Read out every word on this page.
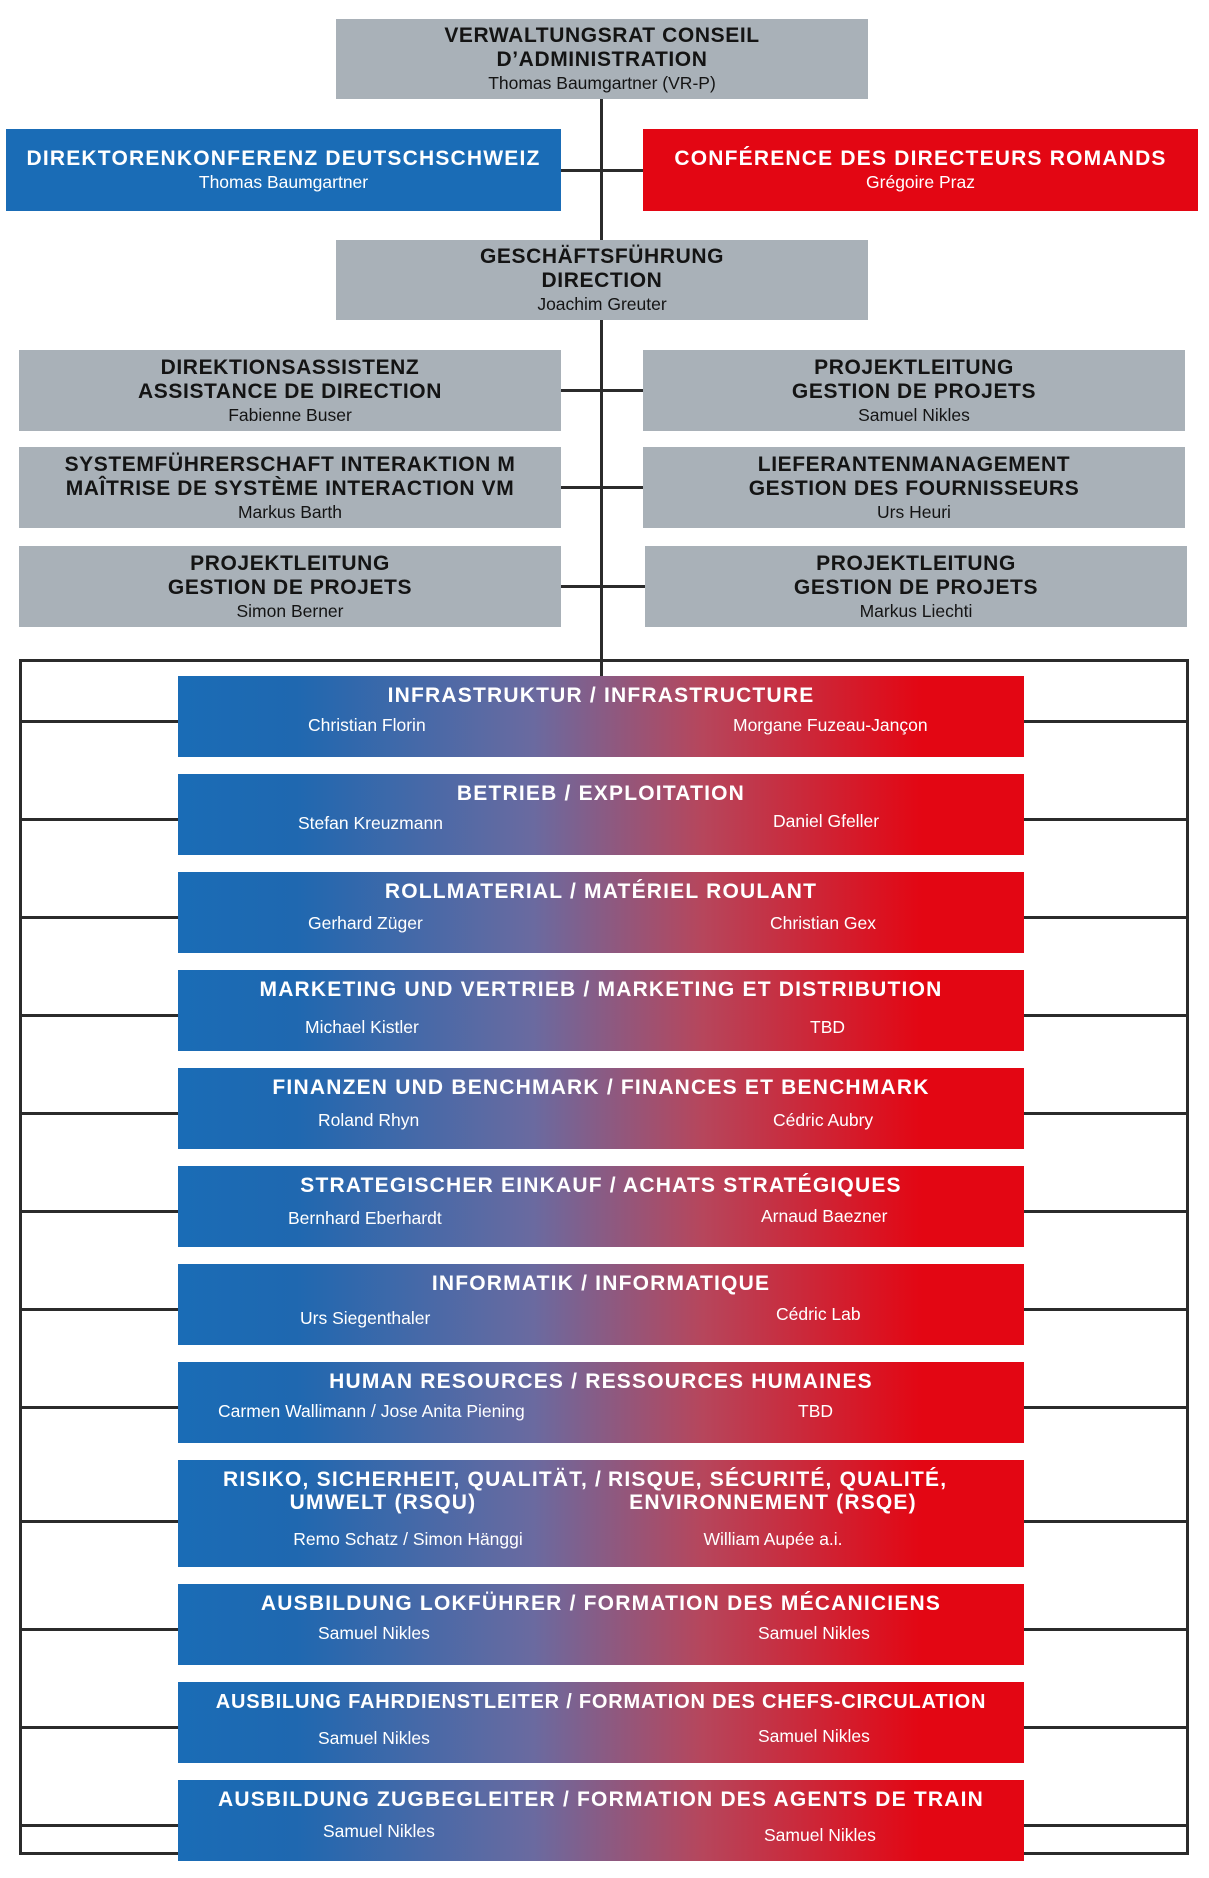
VERWALTUNGSRAT CONSEIL
D’ADMINISTRATION
Thomas Baumgartner (VR-P)
DIREKTORENKONFERENZ DEUTSCHSCHWEIZ
Thomas Baumgartner
CONFÉRENCE DES DIRECTEURS ROMANDS
Grégoire Praz
GESCHÄFTSFÜHRUNG
DIRECTION
Joachim Greuter
DIREKTIONSASSISTENZ
ASSISTANCE DE DIRECTION
Fabienne Buser
SYSTEMFÜHRERSCHAFT INTERAKTION M
MAÎTRISE DE SYSTÈME INTERACTION VM
Markus Barth
PROJEKTLEITUNG
GESTION DE PROJETS
Simon Berner
PROJEKTLEITUNG
GESTION DE PROJETS
Samuel Nikles
LIEFERANTENMANAGEMENT
GESTION DES FOURNISSEURS
Urs Heuri
PROJEKTLEITUNG
GESTION DE PROJETS
Markus Liechti
INFRASTRUKTUR / INFRASTRUCTURE
Christian Florin	Morgane Fuzeau-Jançon
BETRIEB / EXPLOITATION
Stefan Kreuzmann	Daniel Gfeller
ROLLMATERIAL / MATÉRIEL ROULANT
Gerhard Züger	Christian Gex
MARKETING UND VERTRIEB / MARKETING ET DISTRIBUTION
Michael Kistler	TBD
FINANZEN UND BENCHMARK / FINANCES ET BENCHMARK
Roland Rhyn	Cédric Aubry
STRATEGISCHER EINKAUF / ACHATS STRATÉGIQUES
Bernhard Eberhardt	Arnaud Baezner
INFORMATIK / INFORMATIQUE
Urs Siegenthaler	Cédric Lab
HUMAN RESOURCES / RESSOURCES HUMAINES
Carmen Wallimann / Jose Anita Piening	TBD
RISIKO, SICHERHEIT, QUALITÄT, /
UMWELT (RSQU)
Remo Schatz / Simon Hänggi
RISQUE, SÉCURITÉ, QUALITÉ,
ENVIRONNEMENT (RSQE)
William Aupée a.i.
AUSBILDUNG LOKFÜHRER / FORMATION DES MÉCANICIENS
Samuel Nikles	Samuel Nikles
AUSBILUNG FAHRDIENSTLEITER / FORMATION DES CHEFS-CIRCULATION
Samuel Nikles	Samuel Nikles
AUSBILDUNG ZUGBEGLEITER / FORMATION DES AGENTS DE TRAIN
Samuel Nikles	Samuel Nikles
